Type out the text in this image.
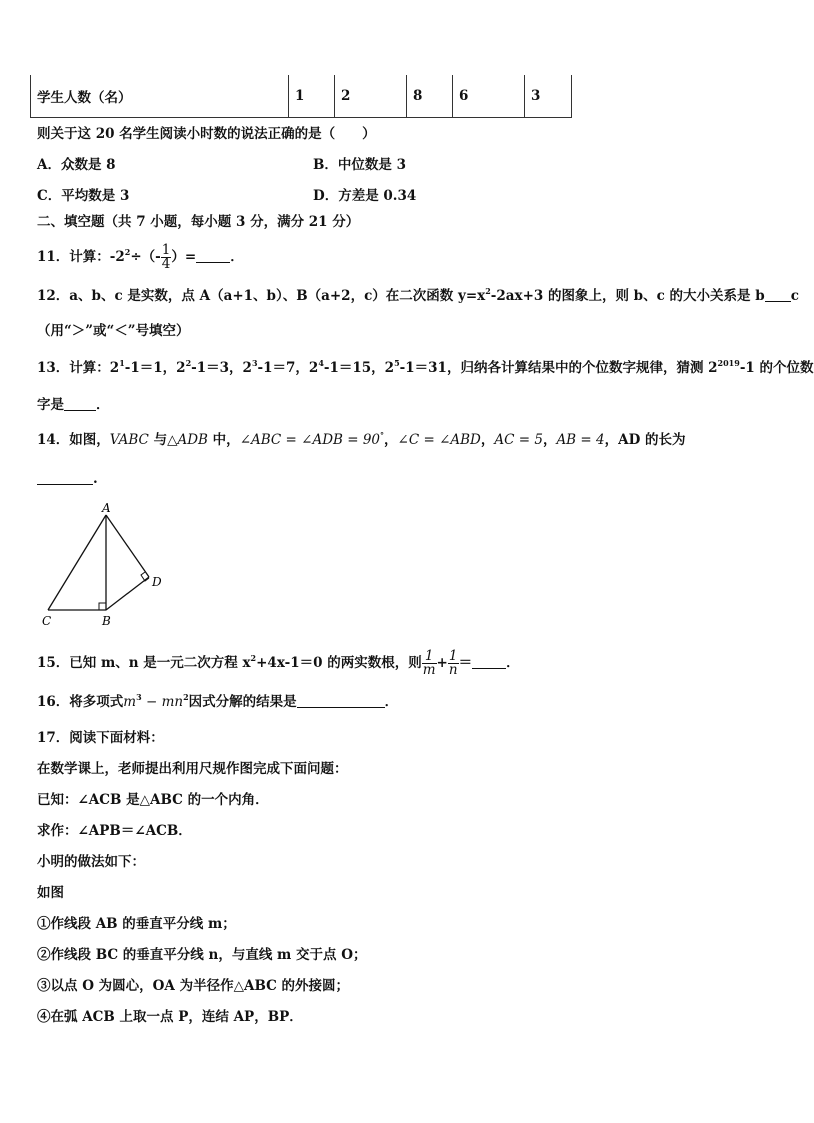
学生人数（名）	1	2	8	6	3
则关于这 20 名学生阅读小时数的说法正确的是（　　）
A．众数是 8	B．中位数是 3
C．平均数是 3	D．方差是 0.34
二、填空题（共 7 小题，每小题 3 分，满分 21 分）
11．计算：$-2^2\div(- \frac{1}{4}$ ）=	．
12．a、b、c 是实数，点 A（a+1、b）、B（a+2，c）在二次函数 $y=x^2-2ax+3$ 的图象上，则 b、c 的大小关系是 b c
（用“＞”或“＜”号填空）
13．计算：$2^1-1=1$，$2^2-1=3$，$2^3-1=7$，$2^4-1=15$，$2^5-1=31$，归纳各计算结果中的个位数字规律，猜测 $2^{2019}-1$ 的个位数
字是 ．
14．如图，VABC 与△ADB 中，∠ABC = ∠ADB = 90°，∠C = ∠ABD，AC = 5，AB = 4，AD 的长为
.
A
B
C
D
15．已知 m、n 是一元二次方程 $x^2+4x-1=0$ 的两实数根，则 $\frac{1}{m} + \frac{1}{n}$ ＝	．
16．将多项式$m^3 - mn^2$因式分解的结果是	．
17．阅读下面材料：
在数学课上，老师提出利用尺规作图完成下面问题：
已知：∠ACB 是△ABC 的一个内角．
求作：∠APB＝∠ACB．
小明的做法如下：
如图
①作线段 AB 的垂直平分线 m；
②作线段 BC 的垂直平分线 n，与直线 m 交于点 O；
③以点 O 为圆心，OA 为半径作△ABC 的外接圆；
④在弧 ACB 上取一点 P，连结 AP，BP．
